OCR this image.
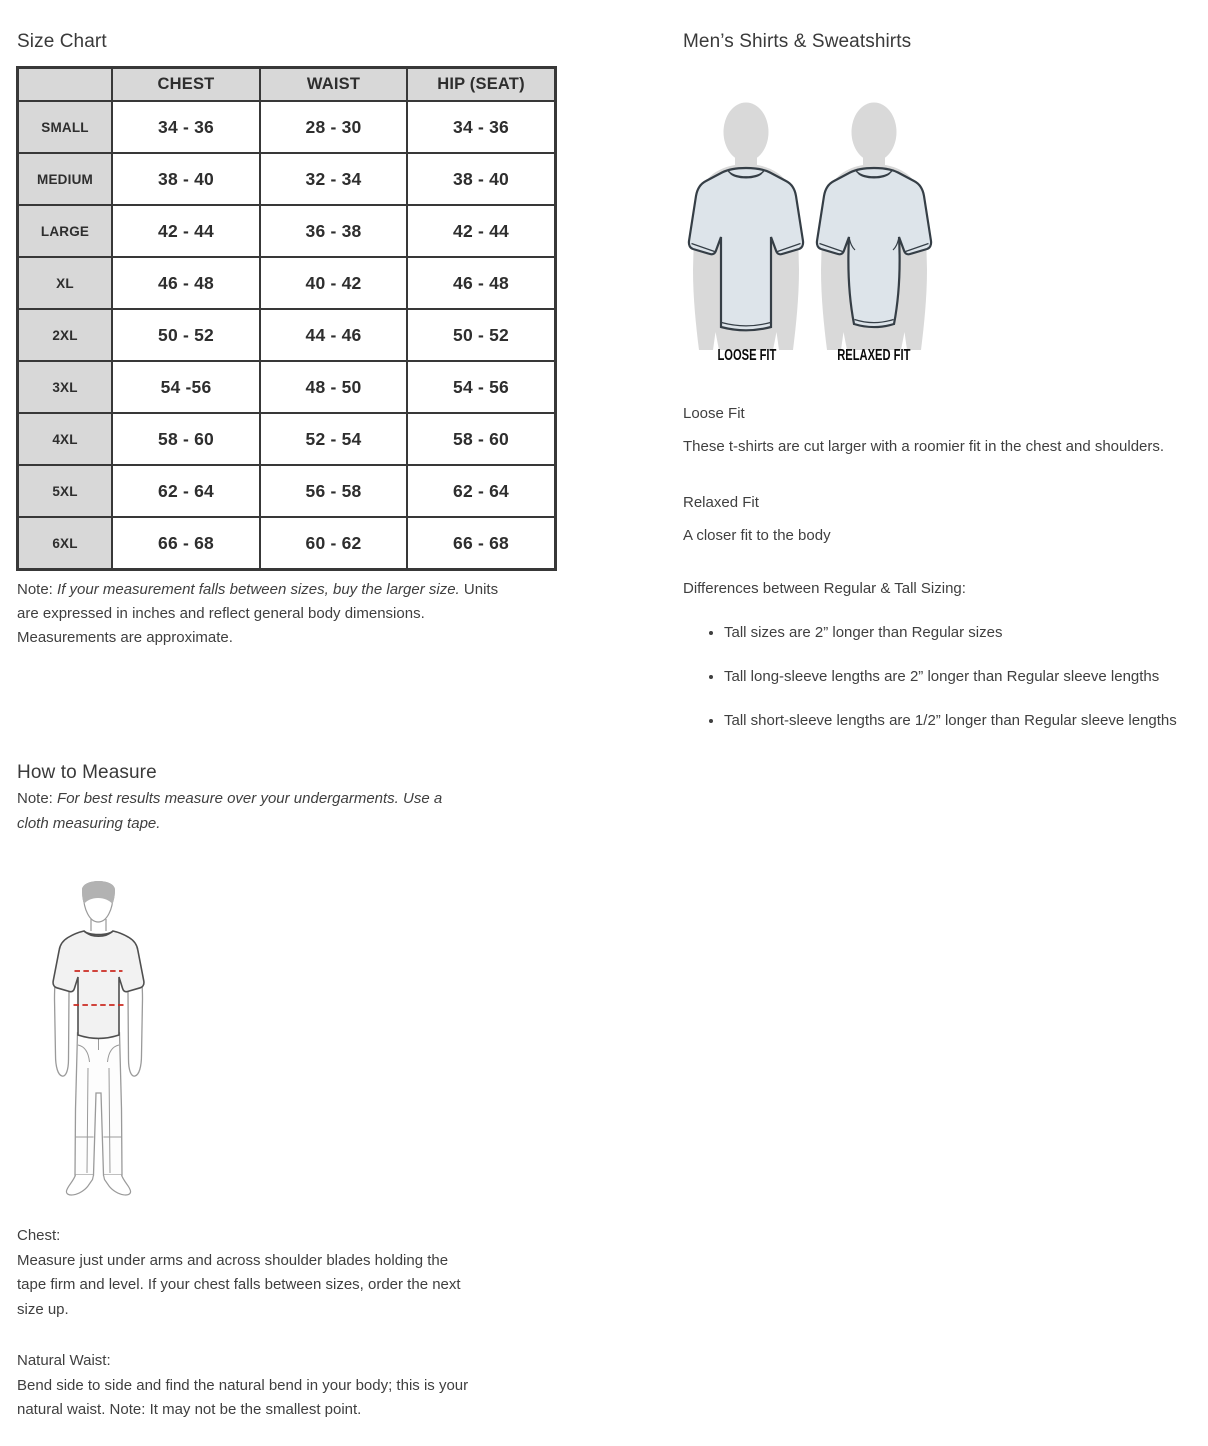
Size Chart
	CHEST	WAIST	HIP (SEAT)
SMALL	34 - 36	28 - 30	34 - 36
MEDIUM	38 - 40	32 - 34	38 - 40
LARGE	42 - 44	36 - 38	42 - 44
XL	46 - 48	40 - 42	46 - 48
2XL	50 - 52	44 - 46	50 - 52
3XL	54 -56	48 - 50	54 - 56
4XL	58 - 60	52 - 54	58 - 60
5XL	62 - 64	56 - 58	62 - 64
6XL	66 - 68	60 - 62	66 - 68

Note: If your measurement falls between sizes, buy the larger size. Units are expressed in inches and reflect general body dimensions. Measurements are approximate.

How to Measure

Note: For best results measure over your undergarments. Use a cloth measuring tape.

Chest:
Measure just under arms and across shoulder blades holding the tape firm and level. If your chest falls between sizes, order the next size up.

Natural Waist:
Bend side to side and find the natural bend in your body; this is your natural waist. Note: It may not be the smallest point.

Men’s Shirts & Sweatshirts
LOOSE FIT	RELAXED FIT
Loose Fit
These t-shirts are cut larger with a roomier fit in the chest and shoulders.
Relaxed Fit
A closer fit to the body
Differences between Regular & Tall Sizing:
• Tall sizes are 2” longer than Regular sizes
• Tall long-sleeve lengths are 2” longer than Regular sleeve lengths
• Tall short-sleeve lengths are 1/2” longer than Regular sleeve lengths
